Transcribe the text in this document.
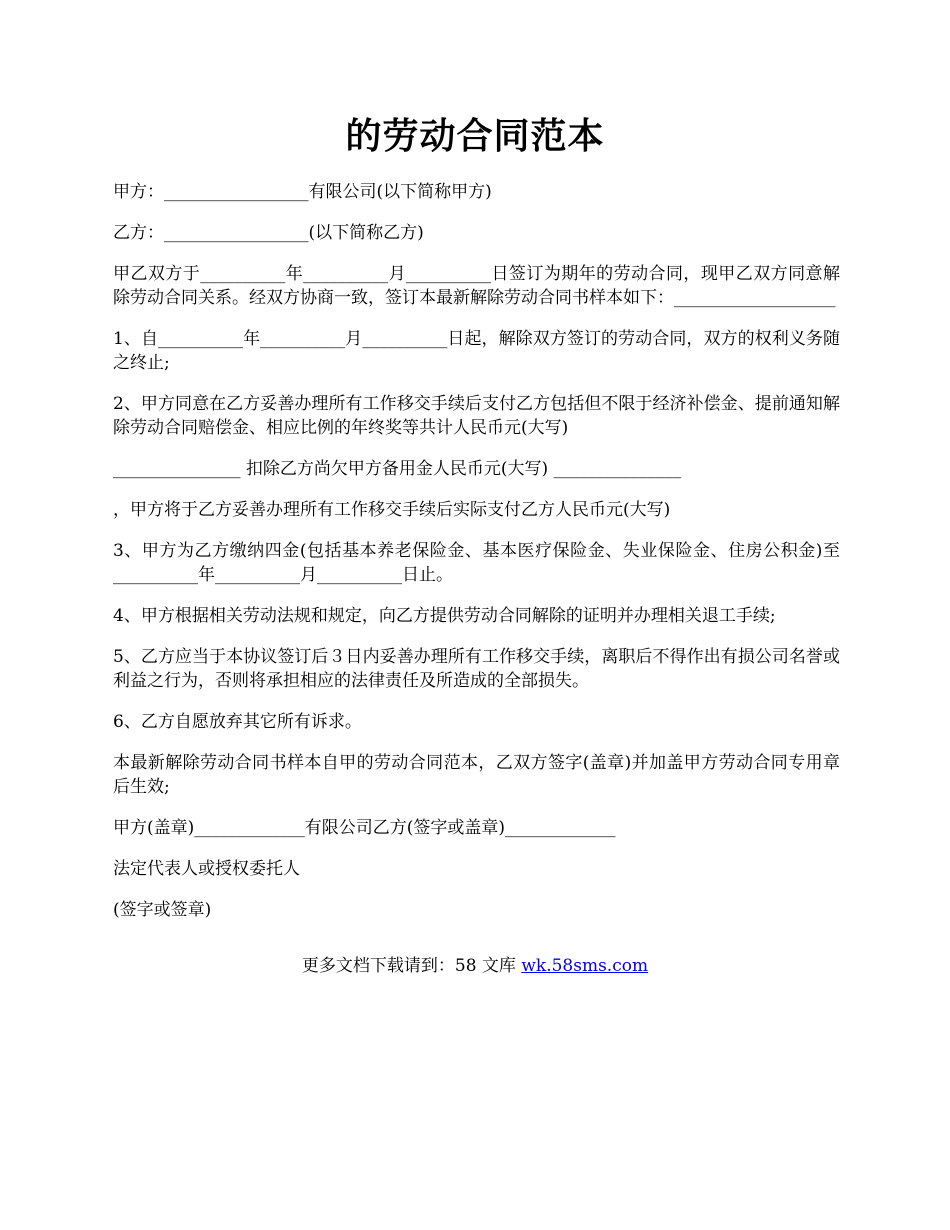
的劳动合同范本

甲方：_________________有限公司(以下简称甲方)

乙方：_________________(以下简称乙方)

甲乙双方于__________年__________月__________日签订为期年的劳动合同，现甲乙双方同意解除劳动合同关系。经双方协商一致，签订本最新解除劳动合同书样本如下：___________________

1、自__________年__________月__________日起，解除双方签订的劳动合同，双方的权利义务随之终止;

2、甲方同意在乙方妥善办理所有工作移交手续后支付乙方包括但不限于经济补偿金、提前通知解除劳动合同赔偿金、相应比例的年终奖等共计人民币元(大写)

_______________ 扣除乙方尚欠甲方备用金人民币元(大写) _______________

，甲方将于乙方妥善办理所有工作移交手续后实际支付乙方人民币元(大写)

3、甲方为乙方缴纳四金(包括基本养老保险金、基本医疗保险金、失业保险金、住房公积金)至__________年__________月__________日止。

4、甲方根据相关劳动法规和规定，向乙方提供劳动合同解除的证明并办理相关退工手续;

5、乙方应当于本协议签订后３日内妥善办理所有工作移交手续，离职后不得作出有损公司名誉或利益之行为，否则将承担相应的法律责任及所造成的全部损失。

6、乙方自愿放弃其它所有诉求。

本最新解除劳动合同书样本自甲的劳动合同范本，乙双方签字(盖章)并加盖甲方劳动合同专用章后生效;

甲方(盖章)_____________有限公司乙方(签字或盖章)_____________

法定代表人或授权委托人

(签字或签章)

更多文档下载请到：58 文库 wk.58sms.com
